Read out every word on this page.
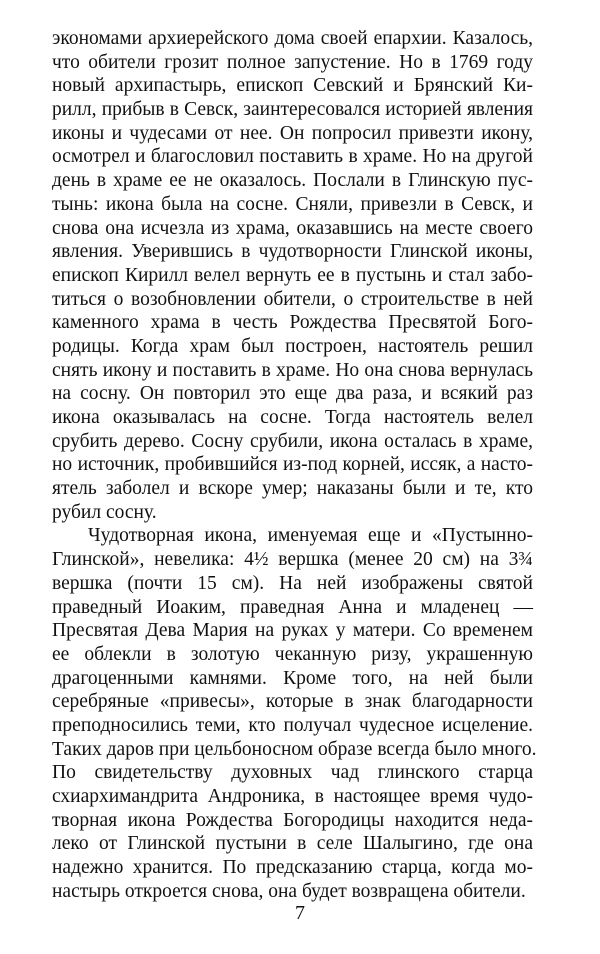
экономами архиерейского дома своей епархии. Казалось,
что обители грозит полное запустение. Но в 1769 году
новый архипастырь, епископ Севский и Брянский Ки-
рилл, прибыв в Севск, заинтересовался историей явления
иконы и чудесами от нее. Он попросил привезти икону,
осмотрел и благословил поставить в храме. Но на другой
день в храме ее не оказалось. Послали в Глинскую пус-
тынь: икона была на сосне. Сняли, привезли в Севск, и
снова она исчезла из храма, оказавшись на месте своего
явления. Уверившись в чудотворности Глинской иконы,
епископ Кирилл велел вернуть ее в пустынь и стал забо-
титься о возобновлении обители, о строительстве в ней
каменного храма в честь Рождества Пресвятой Бого-
родицы. Когда храм был построен, настоятель решил
снять икону и поставить в храме. Но она снова вернулась
на сосну. Он повторил это еще два раза, и всякий раз
икона оказывалась на сосне. Тогда настоятель велел
срубить дерево. Сосну срубили, икона осталась в храме,
но источник, пробившийся из-под корней, иссяк, а насто-
ятель заболел и вскоре умер; наказаны были и те, кто
рубил сосну.
Чудотворная икона, именуемая еще и «Пустынно-
Глинской», невелика: 4½ вершка (менее 20 см) на 3¾
вершка (почти 15 см). На ней изображены святой
праведный Иоаким, праведная Анна и младенец —
Пресвятая Дева Мария на руках у матери. Со временем
ее облекли в золотую чеканную ризу, украшенную
драгоценными камнями. Кроме того, на ней были
серебряные «привесы», которые в знак благодарности
преподносились теми, кто получал чудесное исцеление.
Таких даров при цельбоносном образе всегда было много.
По свидетельству духовных чад глинского старца
схиархимандрита Андроника, в настоящее время чудо-
творная икона Рождества Богородицы находится неда-
леко от Глинской пустыни в селе Шалыгино, где она
надежно хранится. По предсказанию старца, когда мо-
настырь откроется снова, она будет возвращена обители.
7
